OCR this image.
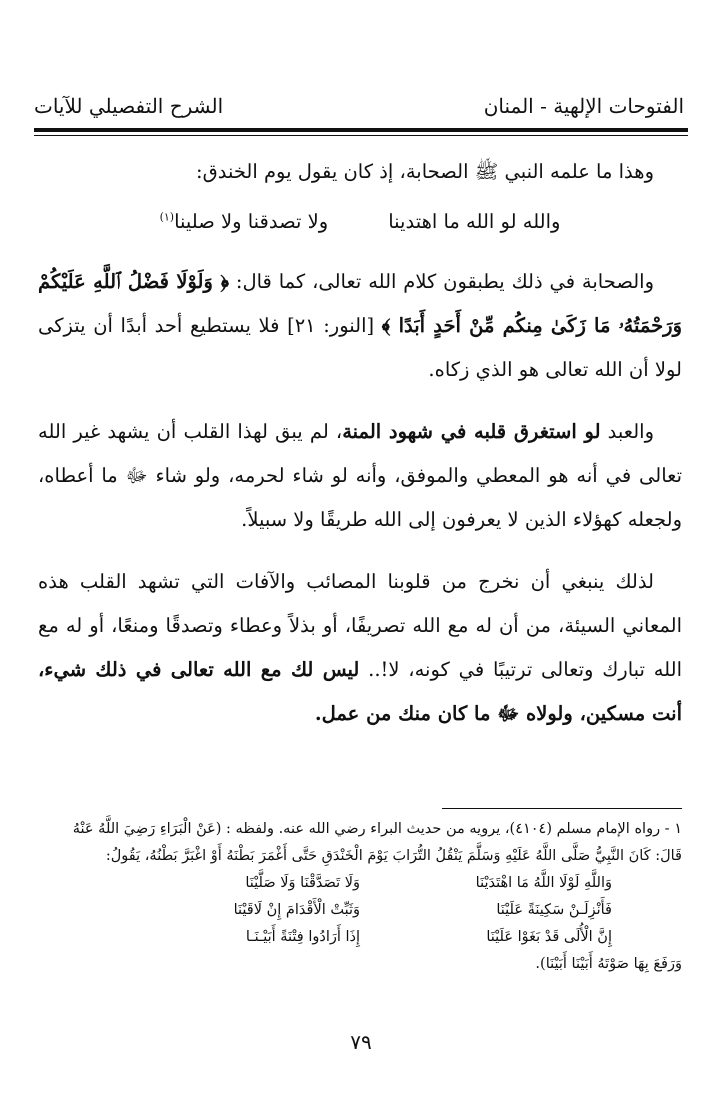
الفتوحات الإلهية - المنان
الشرح التفصيلي للآيات

وهذا ما علمه النبي ﷺ الصحابة، إذ كان يقول يوم الخندق:

والله لو الله ما اهتدينا
ولا تصدقنا ولا صلينا$^{(١)}$

والصحابة في ذلك يطبقون كلام الله تعالى، كما قال: ﴿ وَلَوْلَا فَضْلُ ٱللَّهِ عَلَيْكُمْ وَرَحْمَتُهُۥ مَا زَكَىٰ مِنكُم مِّنْ أَحَدٍ أَبَدًا ﴾ [النور: ٢١] فلا يستطيع أحد أبدًا أن يتزكى لولا أن الله تعالى هو الذي زكاه.

والعبد لو استغرق قلبه في شهود المنة، لم يبق لهذا القلب أن يشهد غير الله تعالى في أنه هو المعطي والموفق، وأنه لو شاء لحرمه، ولو شاء ﷻ ما أعطاه، ولجعله كهؤلاء الذين لا يعرفون إلى الله طريقًا ولا سبيلاً.

لذلك ينبغي أن نخرج من قلوبنا المصائب والآفات التي تشهد القلب هذه المعاني السيئة، من أن له مع الله تصريفًا، أو بذلاً وعطاء وتصدقًا ومنعًا، أو له مع الله تبارك وتعالى ترتيبًا في كونه، لا!.. ليس لك مع الله تعالى في ذلك شيء، أنت مسكين، ولولاه ﷻ ما كان منك من عمل.

١ - رواه الإمام مسلم (٤١٠٤)، يرويه من حديث البراء رضي الله عنه. ولفظه : (عَنْ الْبَرَاءِ رَضِيَ اللَّهُ عَنْهُ

قَالَ: كَانَ النَّبِيُّ صَلَّى اللَّهُ عَلَيْهِ وَسَلَّمَ يَنْقُلُ التُّرَابَ يَوْمَ الْخَنْدَقِ حَتَّى أَغْمَرَ بَطْنَهُ أَوْ اغْبَرَّ بَطْنُهُ، يَقُولُ:

وَاللَّهِ لَوْلَا اللَّهُ مَا اهْتَدَيْنَا
وَلَا تَصَدَّقْنَا وَلَا صَلَّيْنَا
فَأَنْزِلَـنْ سَكِينَةً عَلَيْنَا
وَثَبِّتْ الْأَقْدَامَ إِنْ لَاقَيْنَا
إِنَّ الْأُلَى قَدْ بَغَوْا عَلَيْنَا
إِذَا أَرَادُوا فِتْنَةً أَبَيْـنَـا

وَرَفَعَ بِهَا صَوْتَهُ أَبَيْنَا أَبَيْنَا).

٧٩
